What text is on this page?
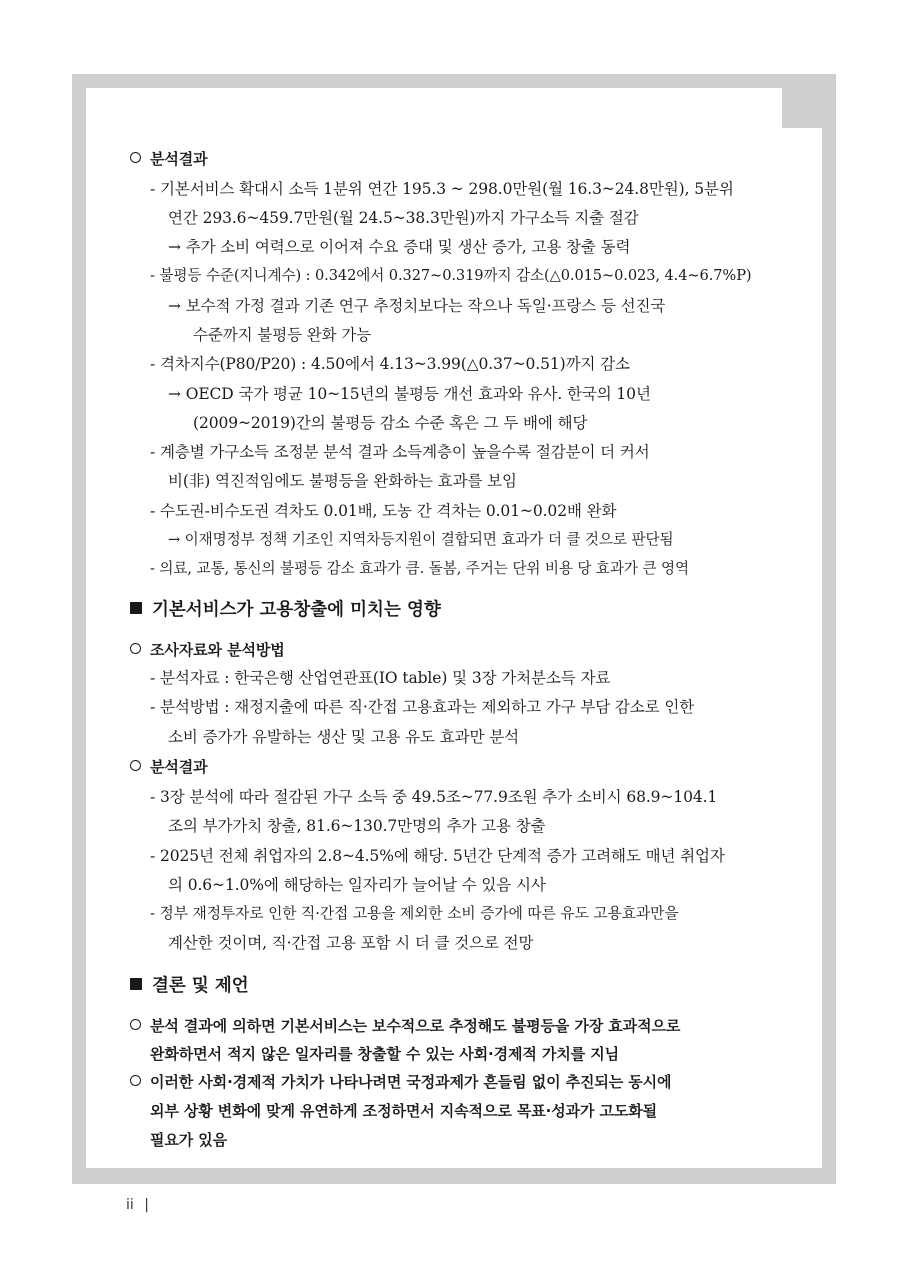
분석결과
- 기본서비스 확대시 소득 1분위 연간 195.3 ~ 298.0만원(월 16.3~24.8만원), 5분위
연간 293.6~459.7만원(월 24.5~38.3만원)까지 가구소득 지출 절감
→ 추가 소비 여력으로 이어져 수요 증대 및 생산 증가, 고용 창출 동력
- 불평등 수준(지니계수) : 0.342에서 0.327~0.319까지 감소(△0.015~0.023, 4.4~6.7%P)
→ 보수적 가정 결과 기존 연구 추정치보다는 작으나 독일·프랑스 등 선진국
수준까지 불평등 완화 가능
- 격차지수(P80/P20) : 4.50에서 4.13~3.99(△0.37~0.51)까지 감소
→ OECD 국가 평균 10~15년의 불평등 개선 효과와 유사. 한국의 10년
(2009~2019)간의 불평등 감소 수준 혹은 그 두 배에 해당
- 계층별 가구소득 조정분 분석 결과 소득계층이 높을수록 절감분이 더 커서
비(非) 역진적임에도 불평등을 완화하는 효과를 보임
- 수도권-비수도권 격차도 0.01배, 도농 간 격차는 0.01~0.02배 완화
→ 이재명정부 정책 기조인 지역차등지원이 결합되면 효과가 더 클 것으로 판단됨
- 의료, 교통, 통신의 불평등 감소 효과가 큼. 돌봄, 주거는 단위 비용 당 효과가 큰 영역
기본서비스가 고용창출에 미치는 영향
조사자료와 분석방법
- 분석자료 : 한국은행 산업연관표(IO table) 및 3장 가처분소득 자료
- 분석방법 : 재정지출에 따른 직·간접 고용효과는 제외하고 가구 부담 감소로 인한
소비 증가가 유발하는 생산 및 고용 유도 효과만 분석
분석결과
- 3장 분석에 따라 절감된 가구 소득 중 49.5조~77.9조원 추가 소비시 68.9~104.1
조의 부가가치 창출, 81.6~130.7만명의 추가 고용 창출
- 2025년 전체 취업자의 2.8~4.5%에 해당. 5년간 단계적 증가 고려해도 매년 취업자
의 0.6~1.0%에 해당하는 일자리가 늘어날 수 있음 시사
- 정부 재정투자로 인한 직·간접 고용을 제외한 소비 증가에 따른 유도 고용효과만을
계산한 것이며, 직·간접 고용 포함 시 더 클 것으로 전망
결론 및 제언
분석 결과에 의하면 기본서비스는 보수적으로 추정해도 불평등을 가장 효과적으로
완화하면서 적지 않은 일자리를 창출할 수 있는 사회·경제적 가치를 지님
이러한 사회·경제적 가치가 나타나려면 국정과제가 흔들림 없이 추진되는 동시에
외부 상황 변화에 맞게 유연하게 조정하면서 지속적으로 목표·성과가 고도화될
필요가 있음
ii |
